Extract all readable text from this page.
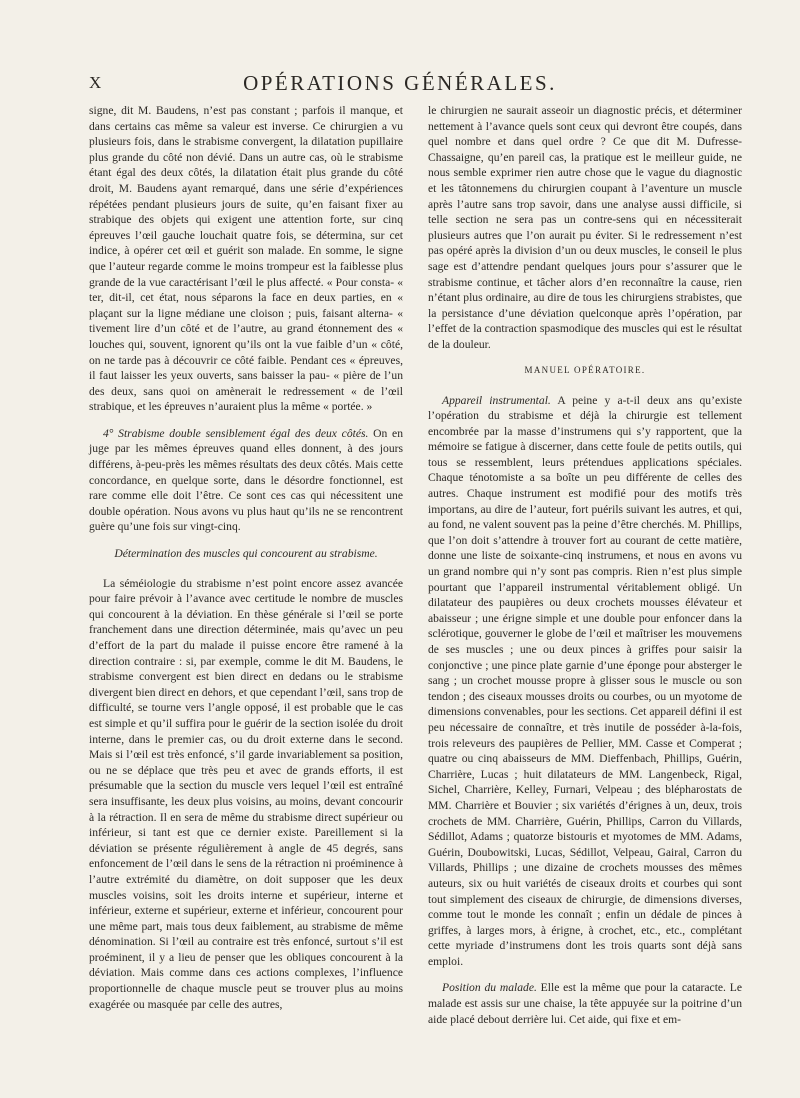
X	OPÉRATIONS GÉNÉRALES.

signe, dit M. Baudens, n’est pas constant ; parfois il manque, et dans certains cas même sa valeur est inverse. Ce chirurgien a vu plusieurs fois, dans le strabisme convergent, la dilatation pupillaire plus grande du côté non dévié. Dans un autre cas, où le strabisme étant égal des deux côtés, la dilatation était plus grande du côté droit, M. Baudens ayant remarqué, dans une série d’expériences répétées pendant plusieurs jours de suite, qu’en faisant fixer au strabique des objets qui exigent une attention forte, sur cinq épreuves l’œil gauche louchait quatre fois, se détermina, sur cet indice, à opérer cet œil et guérit son malade. En somme, le signe que l’auteur regarde comme le moins trompeur est la faiblesse plus grande de la vue caractérisant l’œil le plus affecté. « Pour consta- « ter, dit-il, cet état, nous séparons la face en deux parties, en « plaçant sur la ligne médiane une cloison ; puis, faisant alterna- « tivement lire d’un côté et de l’autre, au grand étonnement des « louches qui, souvent, ignorent qu’ils ont la vue faible d’un « côté, on ne tarde pas à découvrir ce côté faible. Pendant ces « épreuves, il faut laisser les yeux ouverts, sans baisser la pau- « pière de l’un des deux, sans quoi on amènerait le redressement « de l’œil strabique, et les épreuves n’auraient plus la même « portée. »

4° Strabisme double sensiblement égal des deux côtés. On en juge par les mêmes épreuves quand elles donnent, à des jours différens, à-peu-près les mêmes résultats des deux côtés. Mais cette concordance, en quelque sorte, dans le désordre fonctionnel, est rare comme elle doit l’être. Ce sont ces cas qui nécessitent une double opération. Nous avons vu plus haut qu’ils ne se rencontrent guère qu’une fois sur vingt-cinq.

Détermination des muscles qui concourent au strabisme.

La séméiologie du strabisme n’est point encore assez avancée pour faire prévoir à l’avance avec certitude le nombre de muscles qui concourent à la déviation. En thèse générale si l’œil se porte franchement dans une direction déterminée, mais qu’avec un peu d’effort de la part du malade il puisse encore être ramené à la direction contraire : si, par exemple, comme le dit M. Baudens, le strabisme convergent est bien direct en dedans ou le strabisme divergent bien direct en dehors, et que cependant l’œil, sans trop de difficulté, se tourne vers l’angle opposé, il est probable que le cas est simple et qu’il suffira pour le guérir de la section isolée du droit interne, dans le premier cas, ou du droit externe dans le second. Mais si l’œil est très enfoncé, s’il garde invariablement sa position, ou ne se déplace que très peu et avec de grands efforts, il est présumable que la section du muscle vers lequel l’œil est entraîné sera insuffisante, les deux plus voisins, au moins, devant concourir à la rétraction. Il en sera de même du strabisme direct supérieur ou inférieur, si tant est que ce dernier existe. Pareillement si la déviation se présente régulièrement à angle de 45 degrés, sans enfoncement de l’œil dans le sens de la rétraction ni proéminence à l’autre extrémité du diamètre, on doit supposer que les deux muscles voisins, soit les droits interne et supérieur, interne et inférieur, externe et supérieur, externe et inférieur, concourent pour une même part, mais tous deux faiblement, au strabisme de même dénomination. Si l’œil au contraire est très enfoncé, surtout s’il est proéminent, il y a lieu de penser que les obliques concourent à la déviation. Mais comme dans ces actions complexes, l’influence proportionnelle de chaque muscle peut se trouver plus au moins exagérée ou masquée par celle des autres,

le chirurgien ne saurait asseoir un diagnostic précis, et déterminer nettement à l’avance quels sont ceux qui devront être coupés, dans quel nombre et dans quel ordre ? Ce que dit M. Dufresse-Chassaigne, qu’en pareil cas, la pratique est le meilleur guide, ne nous semble exprimer rien autre chose que le vague du diagnostic et les tâtonnemens du chirurgien coupant à l’aventure un muscle après l’autre sans trop savoir, dans une analyse aussi difficile, si telle section ne sera pas un contre-sens qui en nécessiterait plusieurs autres que l’on aurait pu éviter. Si le redressement n’est pas opéré après la division d’un ou deux muscles, le conseil le plus sage est d’attendre pendant quelques jours pour s’assurer que le strabisme continue, et tâcher alors d’en reconnaître la cause, rien n’étant plus ordinaire, au dire de tous les chirurgiens strabistes, que la persistance d’une déviation quelconque après l’opération, par l’effet de la contraction spasmodique des muscles qui est le résultat de la douleur.

MANUEL OPÉRATOIRE.

Appareil instrumental. A peine y a-t-il deux ans qu’existe l’opération du strabisme et déjà la chirurgie est tellement encombrée par la masse d’instrumens qui s’y rapportent, que la mémoire se fatigue à discerner, dans cette foule de petits outils, qui tous se ressemblent, leurs prétendues applications spéciales. Chaque ténotomiste a sa boîte un peu différente de celles des autres. Chaque instrument est modifié pour des motifs très importans, au dire de l’auteur, fort puérils suivant les autres, et qui, au fond, ne valent souvent pas la peine d’être cherchés. M. Phillips, que l’on doit s’attendre à trouver fort au courant de cette matière, donne une liste de soixante-cinq instrumens, et nous en avons vu un grand nombre qui n’y sont pas compris. Rien n’est plus simple pourtant que l’appareil instrumental véritablement obligé. Un dilatateur des paupières ou deux crochets mousses élévateur et abaisseur ; une érigne simple et une double pour enfoncer dans la sclérotique, gouverner le globe de l’œil et maîtriser les mouvemens de ses muscles ; une ou deux pinces à griffes pour saisir la conjonctive ; une pince plate garnie d’une éponge pour absterger le sang ; un crochet mousse propre à glisser sous le muscle ou son tendon ; des ciseaux mousses droits ou courbes, ou un myotome de dimensions convenables, pour les sections. Cet appareil défini il est peu nécessaire de connaître, et très inutile de posséder à-la-fois, trois releveurs des paupières de Pellier, MM. Casse et Comperat ; quatre ou cinq abaisseurs de MM. Dieffenbach, Phillips, Guérin, Charrière, Lucas ; huit dilatateurs de MM. Langenbeck, Rigal, Sichel, Charrière, Kelley, Furnari, Velpeau ; des blépharostats de MM. Charrière et Bouvier ; six variétés d’érignes à un, deux, trois crochets de MM. Charrière, Guérin, Phillips, Carron du Villards, Sédillot, Adams ; quatorze bistouris et myotomes de MM. Adams, Guérin, Doubowitski, Lucas, Sédillot, Velpeau, Gairal, Carron du Villards, Phillips ; une dizaine de crochets mousses des mêmes auteurs, six ou huit variétés de ciseaux droits et courbes qui sont tout simplement des ciseaux de chirurgie, de dimensions diverses, comme tout le monde les connaît ; enfin un dédale de pinces à griffes, à larges mors, à érigne, à crochet, etc., etc., complétant cette myriade d’instrumens dont les trois quarts sont déjà sans emploi.

Position du malade. Elle est la même que pour la cataracte. Le malade est assis sur une chaise, la tête appuyée sur la poitrine d’un aide placé debout derrière lui. Cet aide, qui fixe et em-
